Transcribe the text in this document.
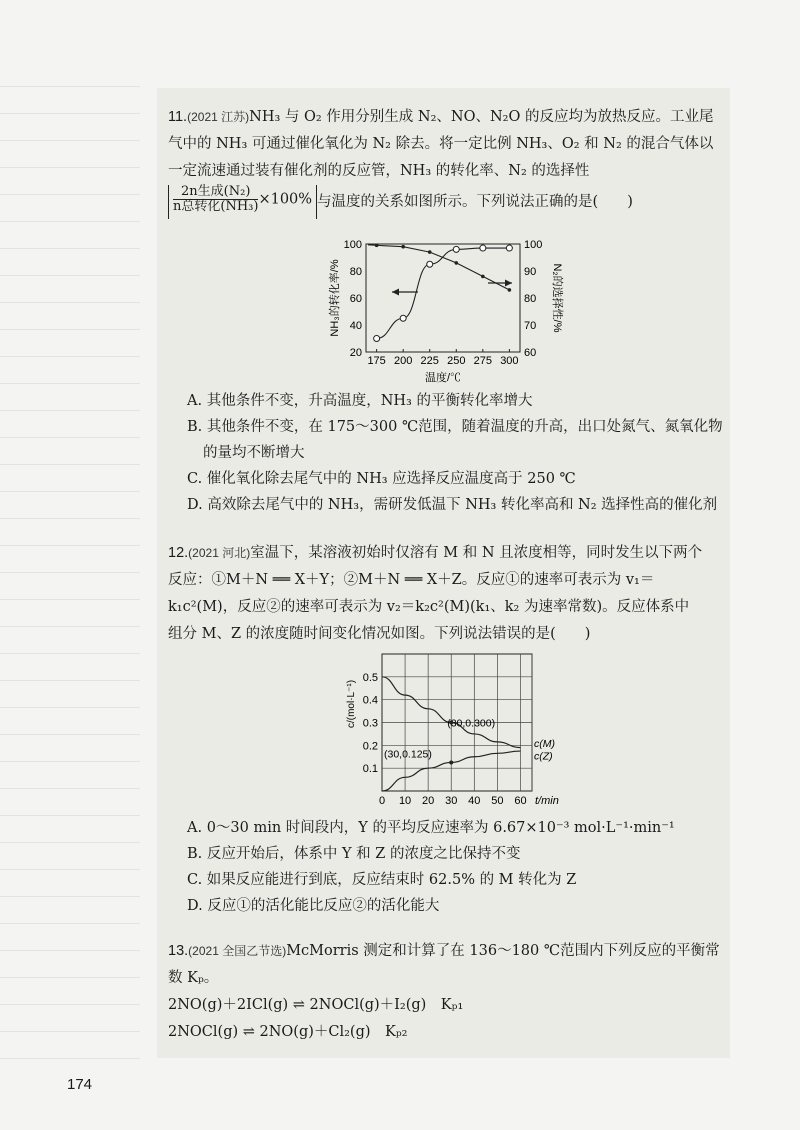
11.(2021 江苏)NH₃ 与 O₂ 作用分别生成 N₂、NO、N₂O 的反应均为放热反应。工业尾
气中的 NH₃ 可通过催化氧化为 N₂ 除去。将一定比例 NH₃、O₂ 和 N₂ 的混合气体以
一定流速通过装有催化剂的反应管，NH₃ 的转化率、N₂ 的选择性

$\frac{\text{2n生成(N₂)}}{\text{n总转化(NH₃)}} \times 100\%$ 与温度的关系如图所示。下列说法正确的是(　　)
20
40
60
80
100
60
70
80
90
100
175 200 225 250 275 300
温度/℃
NH₃的转化率/%	N₂的选择性/%
A. 其他条件不变，升高温度，NH₃ 的平衡转化率增大
B. 其他条件不变，在 175～300 ℃范围，随着温度的升高，出口处氮气、氮氧化物
的量均不断增大
C. 催化氧化除去尾气中的 NH₃ 应选择反应温度高于 250 ℃
D. 高效除去尾气中的 NH₃，需研发低温下 NH₃ 转化率高和 N₂ 选择性高的催化剂
12.(2021 河北)室温下，某溶液初始时仅溶有 M 和 N 且浓度相等，同时发生以下两个
反应：①M＋N ══ X＋Y；②M＋N ══ X＋Z。反应①的速率可表示为 v₁＝
k₁c²(M)，反应②的速率可表示为 v₂＝k₂c²(M)(k₁、k₂ 为速率常数)。反应体系中
组分 M、Z 的浓度随时间变化情况如图。下列说法错误的是(　　)
0 10 20 30 40 50 60
0.1
0.2
0.3
0.4
0.5
t/min
c/(mol·L⁻¹)	(30,0.300)
(30,0.125)
c(M)
c(Z)
A. 0～30 min 时间段内，Y 的平均反应速率为 6.67×10⁻³ mol·L⁻¹·min⁻¹
B. 反应开始后，体系中 Y 和 Z 的浓度之比保持不变
C. 如果反应能进行到底，反应结束时 62.5% 的 M 转化为 Z
D. 反应①的活化能比反应②的活化能大
13.(2021 全国乙节选)McMorris 测定和计算了在 136～180 ℃范围内下列反应的平衡常
数 Kₚ。
2NO(g)＋2ICl(g) ⇌ 2NOCl(g)＋I₂(g)　Kₚ₁
2NOCl(g) ⇌ 2NO(g)＋Cl₂(g)　Kₚ₂
174
